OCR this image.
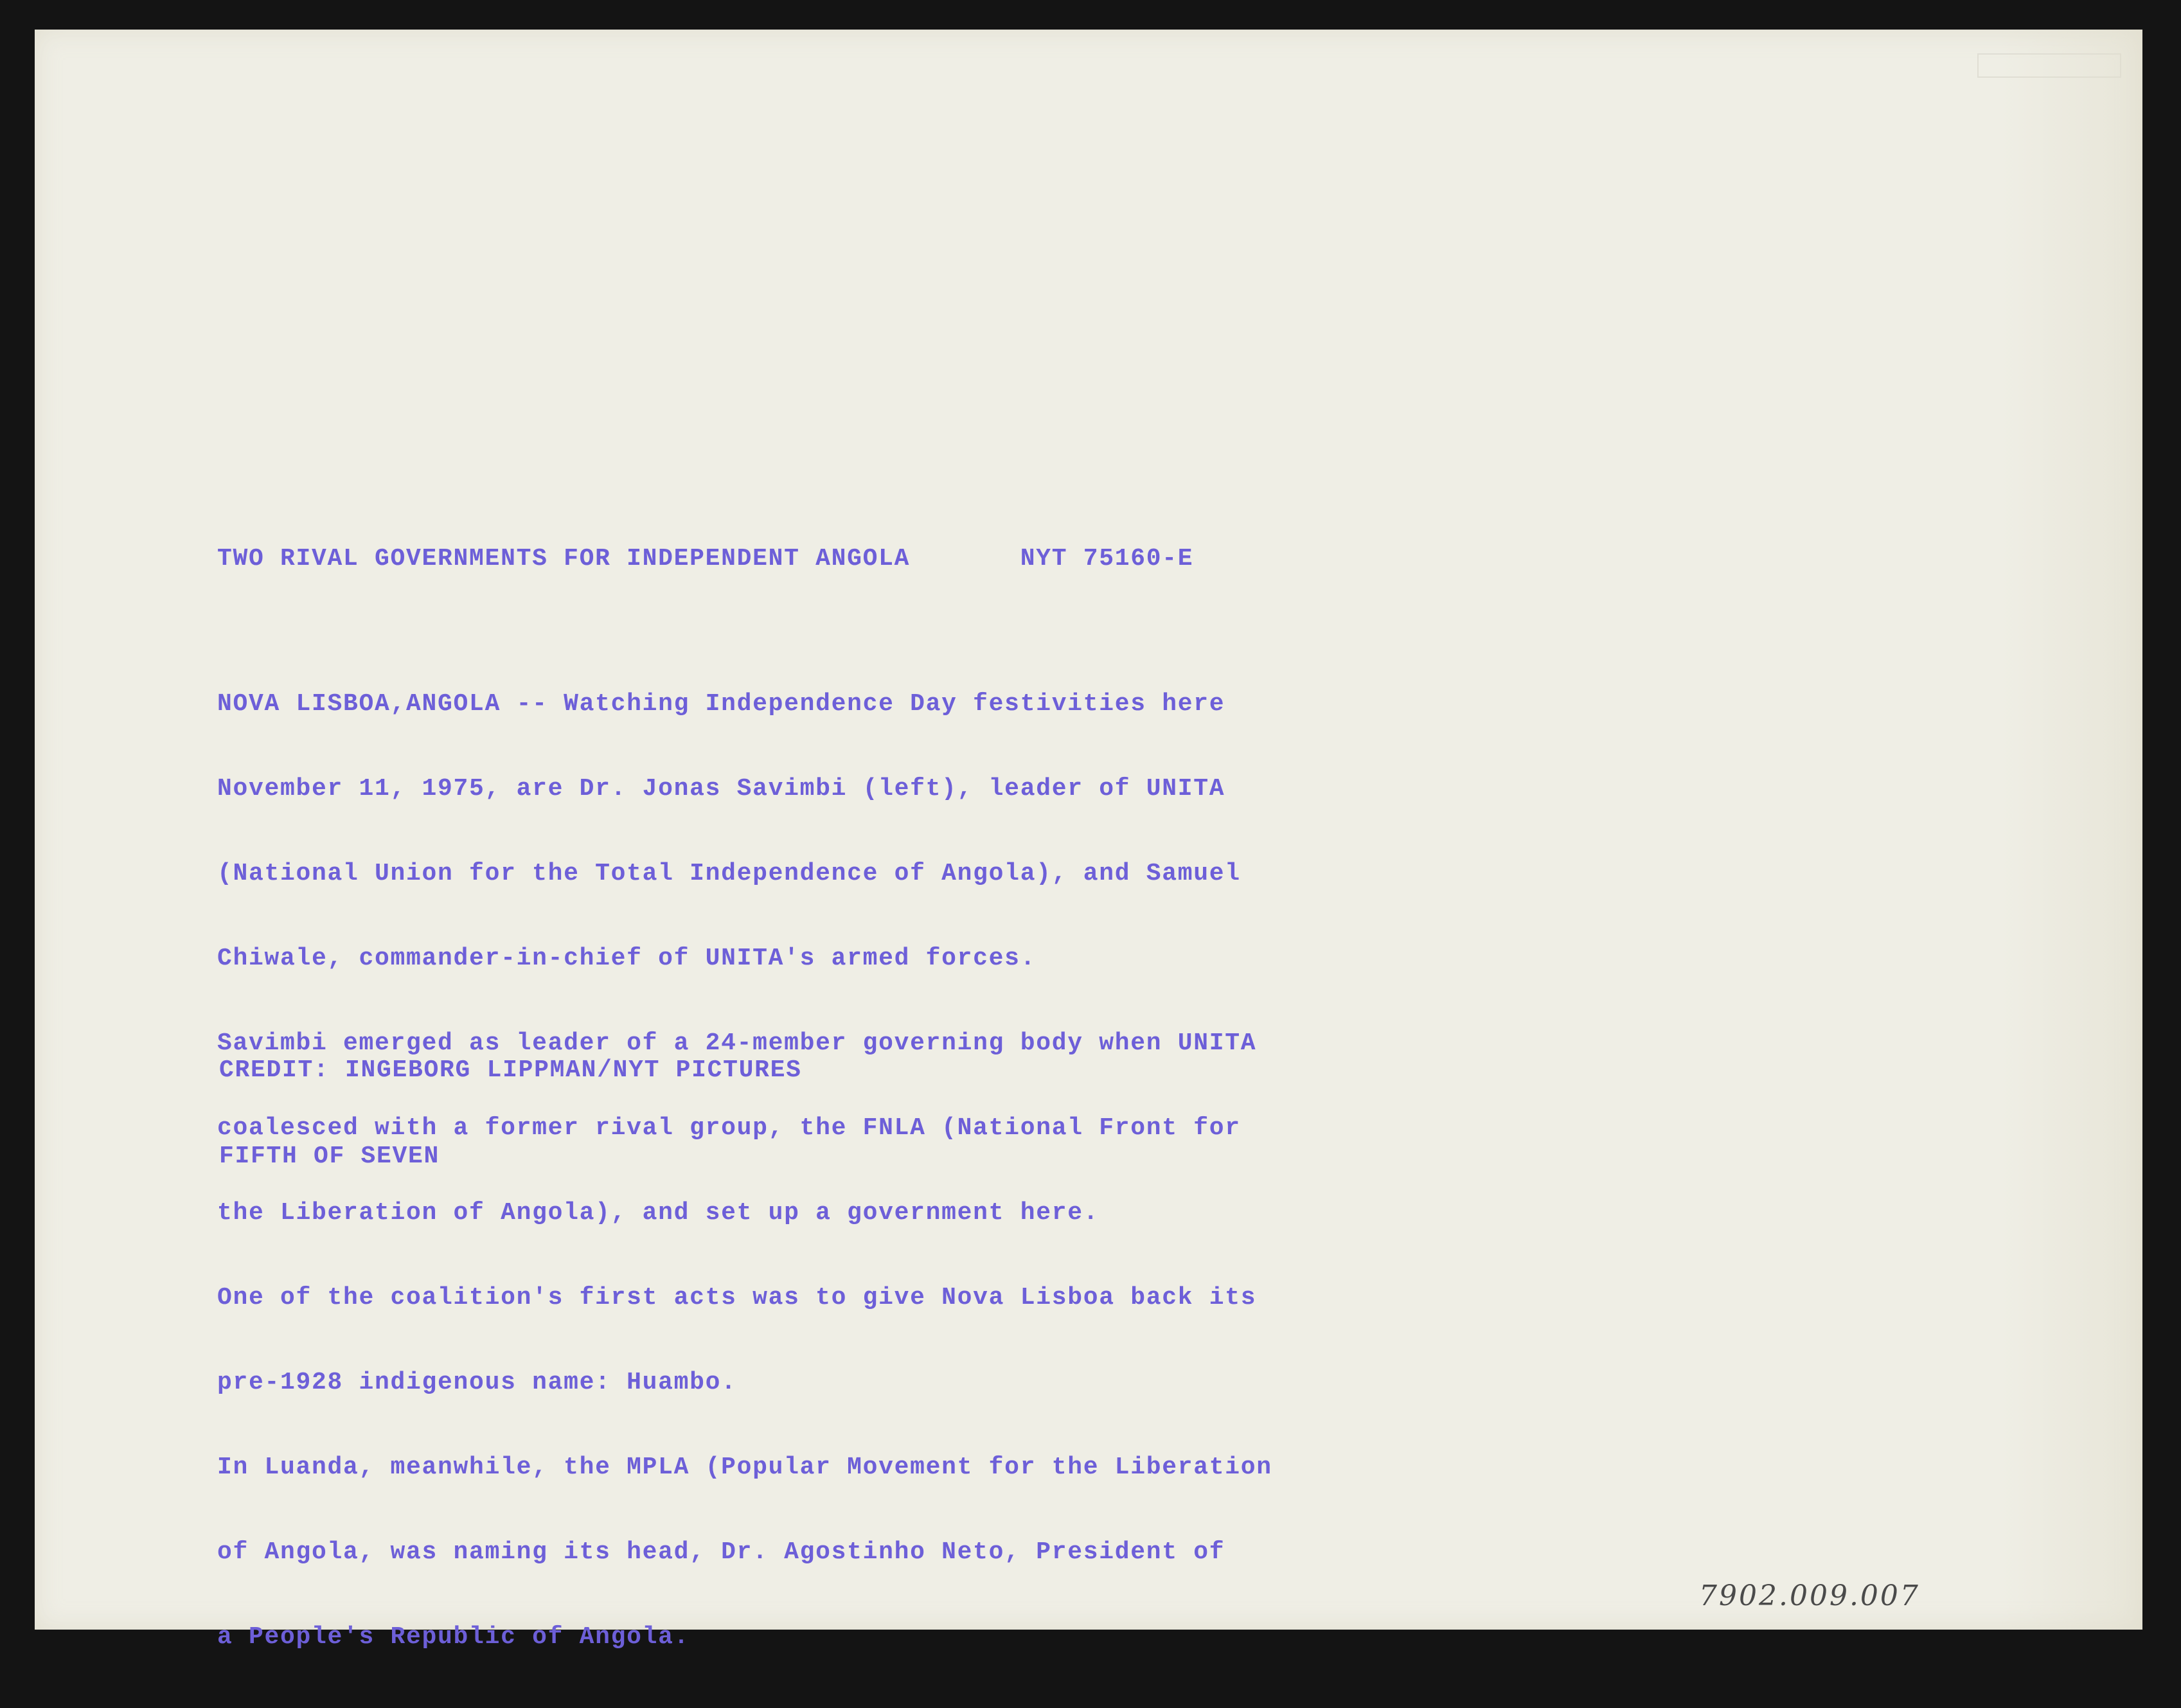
TWO RIVAL GOVERNMENTS FOR INDEPENDENT ANGOLA       NYT 75160-E

NOVA LISBOA,ANGOLA -- Watching Independence Day festivities here

November 11, 1975, are Dr. Jonas Savimbi (left), leader of UNITA

(National Union for the Total Independence of Angola), and Samuel

Chiwale, commander-in-chief of UNITA's armed forces.

Savimbi emerged as leader of a 24-member governing body when UNITA

coalesced with a former rival group, the FNLA (National Front for

the Liberation of Angola), and set up a government here.

One of the coalition's first acts was to give Nova Lisboa back its

pre-1928 indigenous name: Huambo.

In Luanda, meanwhile, the MPLA (Popular Movement for the Liberation

of Angola, was naming its head, Dr. Agostinho Neto, President of

a People's Republic of Angola.

CREDIT: INGEBORG LIPPMAN/NYT PICTURES
FIFTH OF SEVEN
7902.009.007
